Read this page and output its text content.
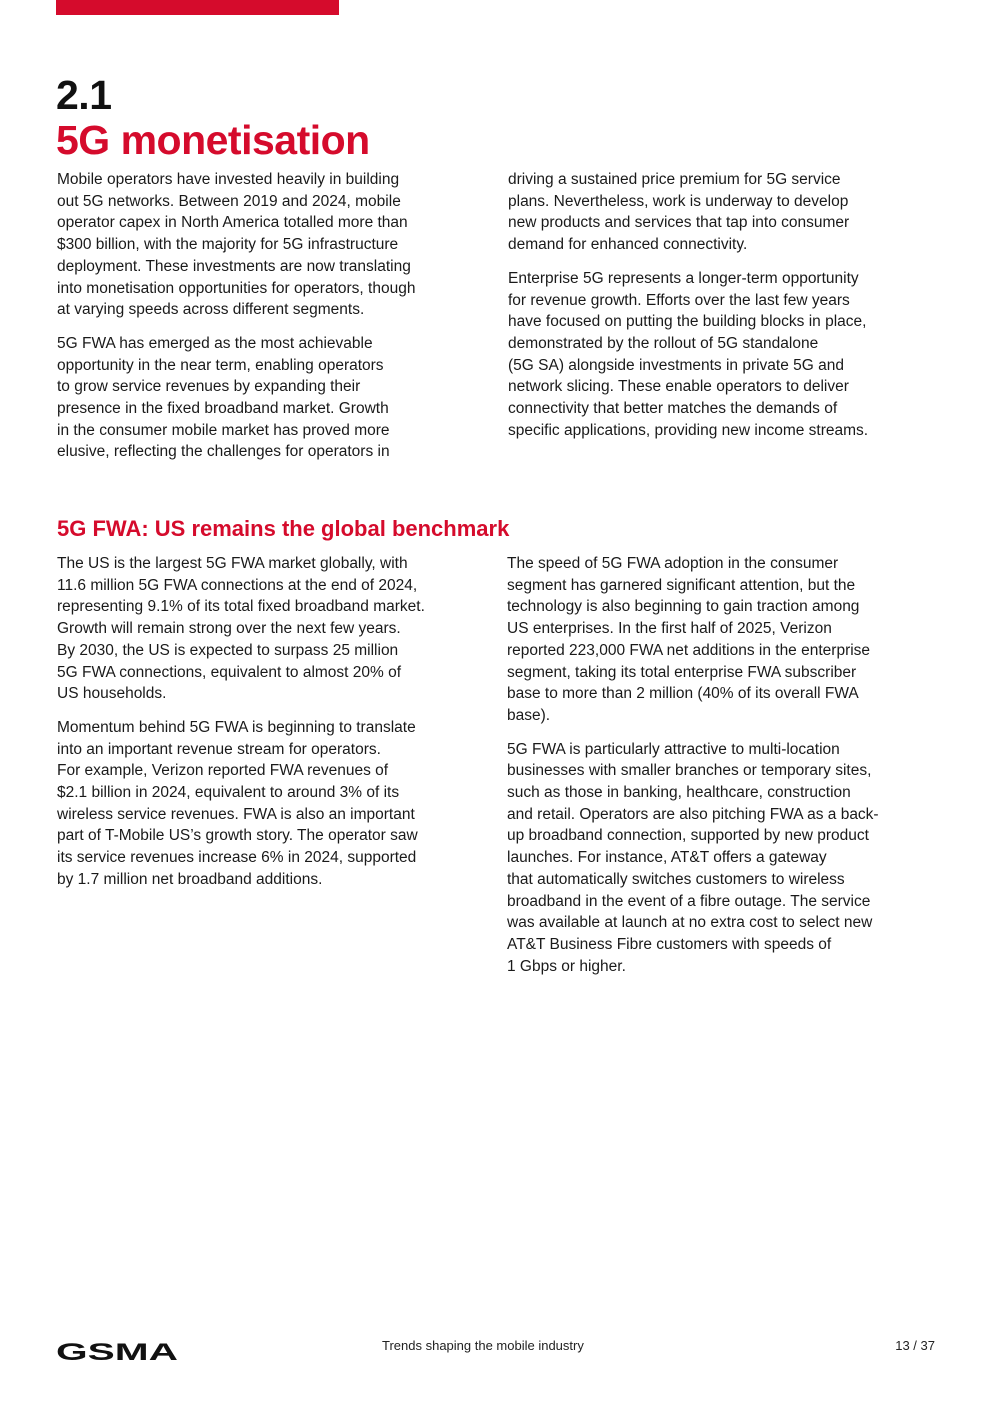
2.1
5G monetisation

Mobile operators have invested heavily in building
out 5G networks. Between 2019 and 2024, mobile
operator capex in North America totalled more than
$300 billion, with the majority for 5G infrastructure
deployment. These investments are now translating
into monetisation opportunities for operators, though
at varying speeds across different segments.

5G FWA has emerged as the most achievable
opportunity in the near term, enabling operators
to grow service revenues by expanding their
presence in the fixed broadband market. Growth
in the consumer mobile market has proved more
elusive, reflecting the challenges for operators in

driving a sustained price premium for 5G service
plans. Nevertheless, work is underway to develop
new products and services that tap into consumer
demand for enhanced connectivity.

Enterprise 5G represents a longer-term opportunity
for revenue growth. Efforts over the last few years
have focused on putting the building blocks in place,
demonstrated by the rollout of 5G standalone
(5G SA) alongside investments in private 5G and
network slicing. These enable operators to deliver
connectivity that better matches the demands of
specific applications, providing new income streams.

5G FWA: US remains the global benchmark

The US is the largest 5G FWA market globally, with
11.6 million 5G FWA connections at the end of 2024,
representing 9.1% of its total fixed broadband market.
Growth will remain strong over the next few years.
By 2030, the US is expected to surpass 25 million
5G FWA connections, equivalent to almost 20% of
US households.

Momentum behind 5G FWA is beginning to translate
into an important revenue stream for operators.
For example, Verizon reported FWA revenues of
$2.1 billion in 2024, equivalent to around 3% of its
wireless service revenues. FWA is also an important
part of T-Mobile US’s growth story. The operator saw
its service revenues increase 6% in 2024, supported
by 1.7 million net broadband additions.

The speed of 5G FWA adoption in the consumer
segment has garnered significant attention, but the
technology is also beginning to gain traction among
US enterprises. In the first half of 2025, Verizon
reported 223,000 FWA net additions in the enterprise
segment, taking its total enterprise FWA subscriber
base to more than 2 million (40% of its overall FWA
base).

5G FWA is particularly attractive to multi-location
businesses with smaller branches or temporary sites,
such as those in banking, healthcare, construction
and retail. Operators are also pitching FWA as a back-
up broadband connection, supported by new product
launches. For instance, AT&T offers a gateway
that automatically switches customers to wireless
broadband in the event of a fibre outage. The service
was available at launch at no extra cost to select new
AT&T Business Fibre customers with speeds of
1 Gbps or higher.

GSMA	Trends shaping the mobile industry	13 / 37
